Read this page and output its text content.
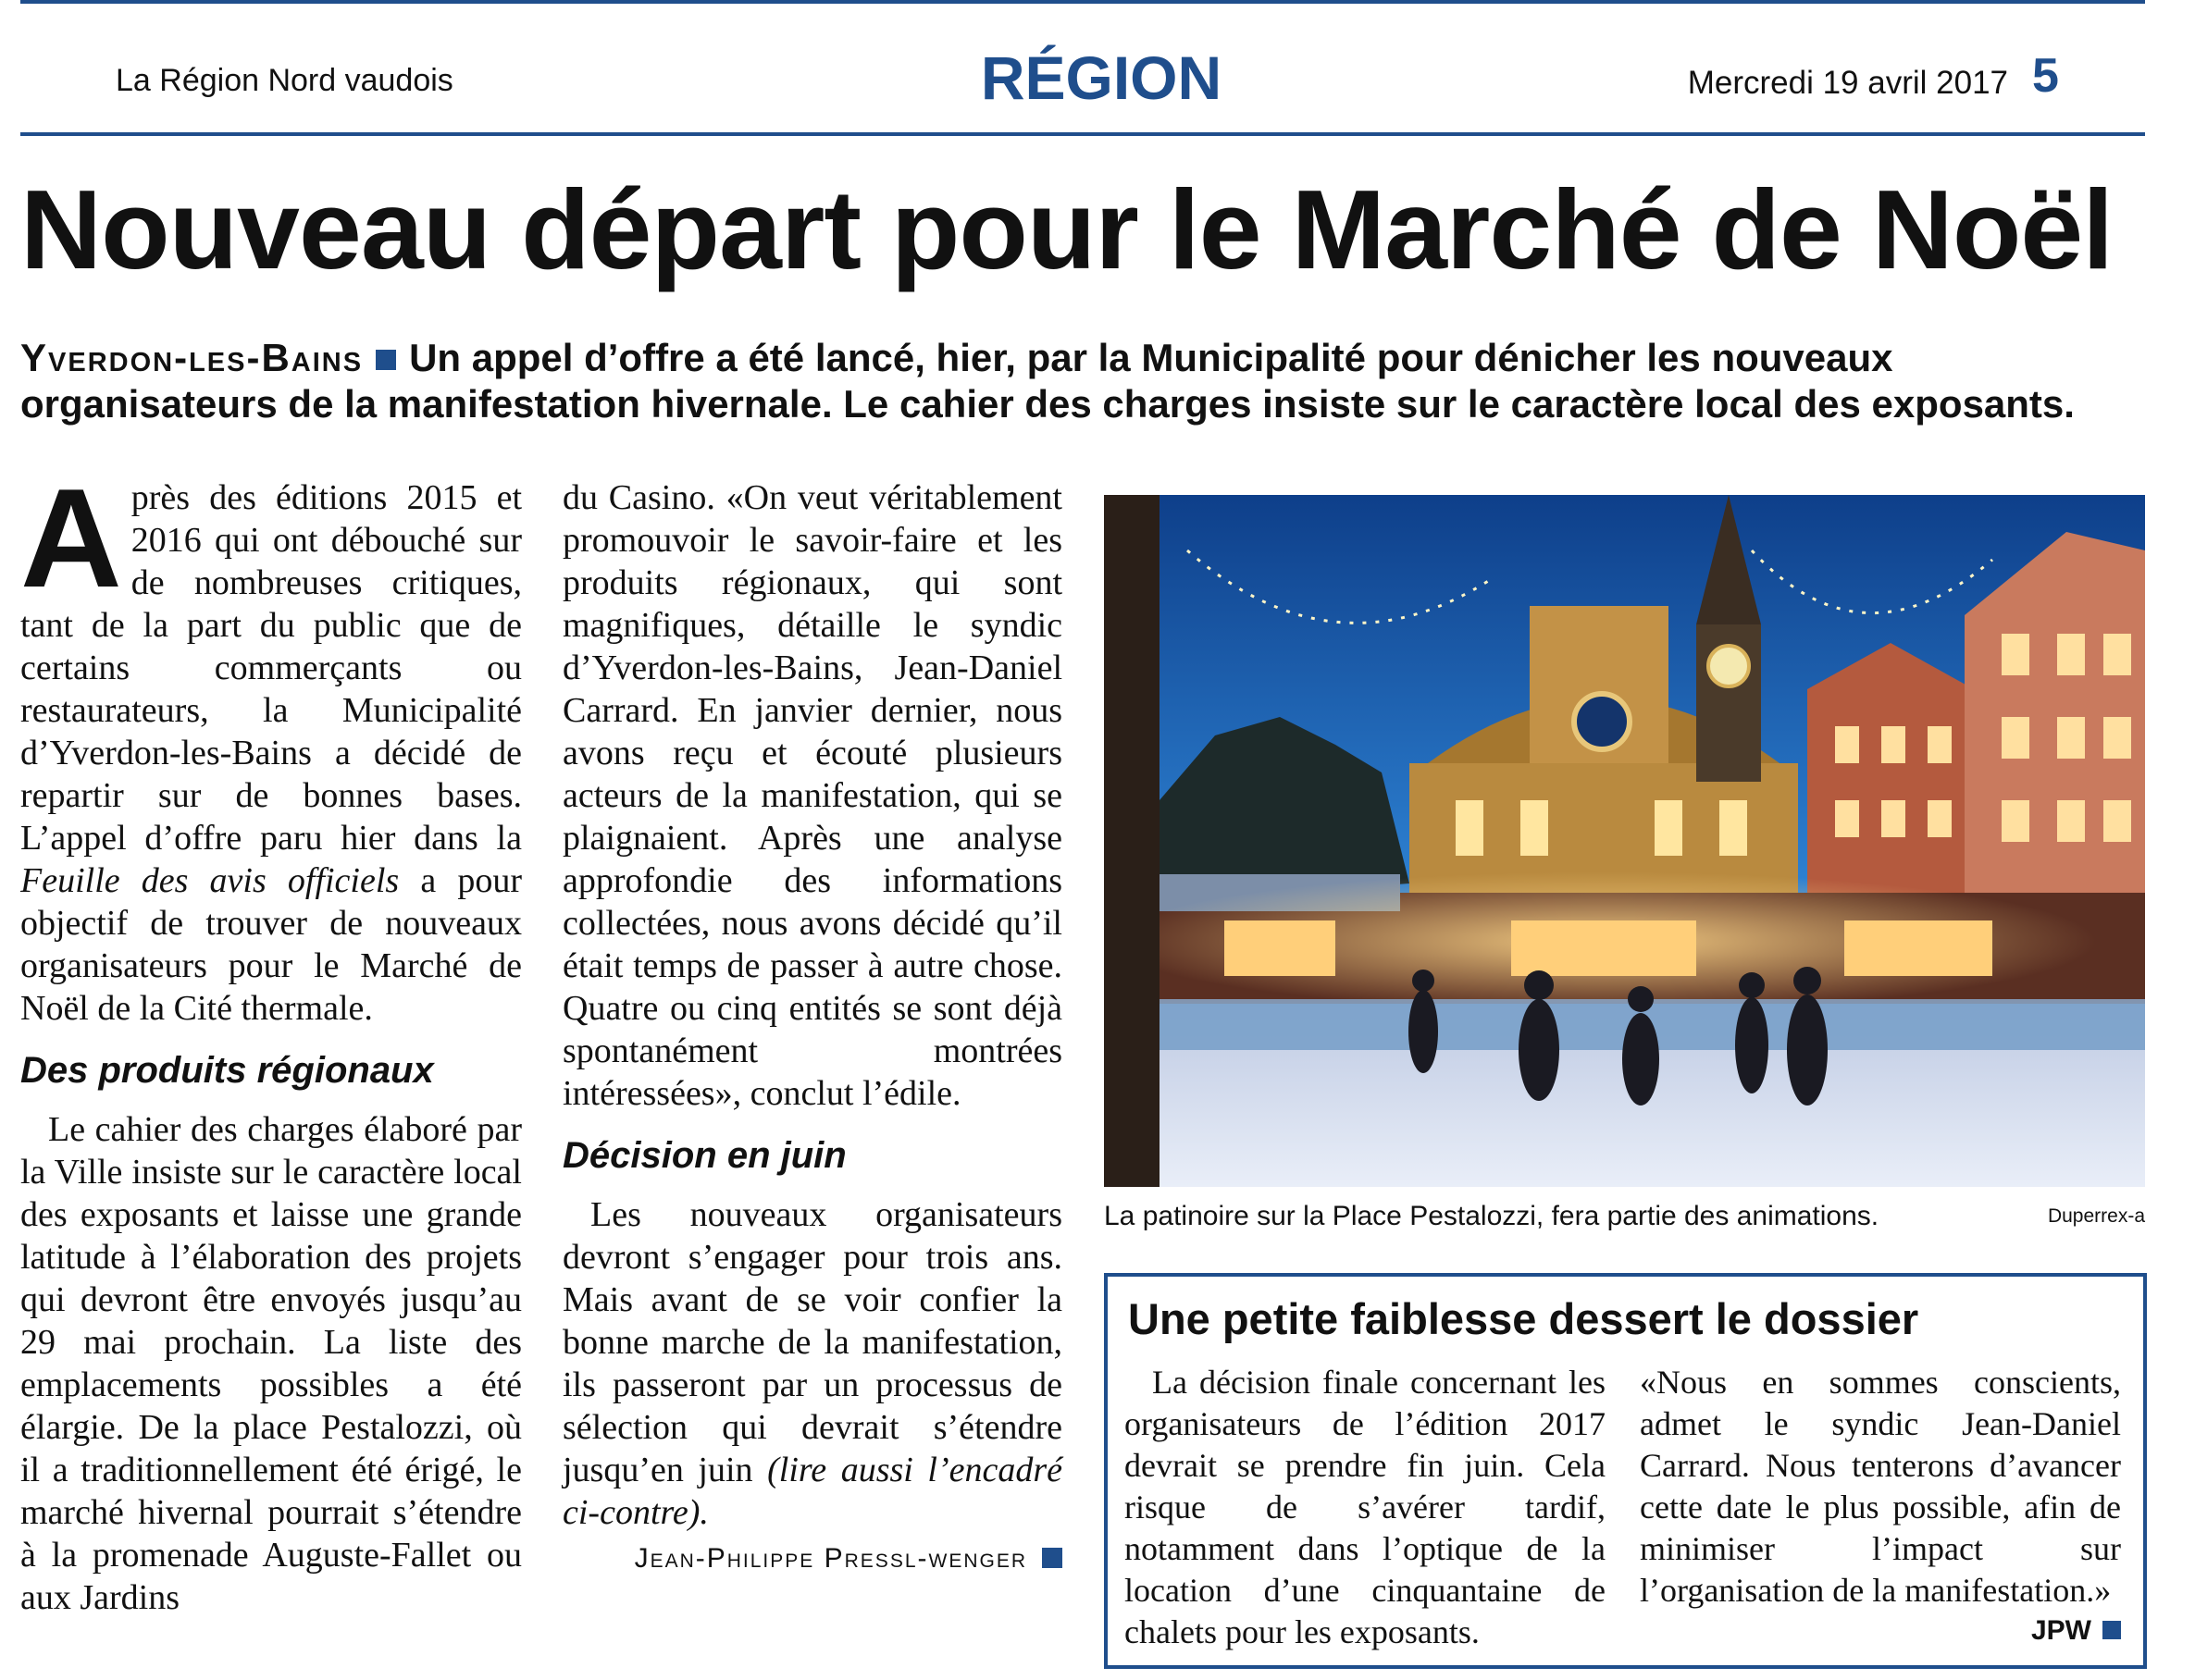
La Région Nord vaudois	RÉGION	Mercredi 19 avril 2017 5
Nouveau départ pour le Marché de Noël
Yverdon-les-Bains Un appel d’offre a été lancé, hier, par la Municipalité pour dénicher les nouveaux organisateurs de la manifestation hivernale. Le cahier des charges insiste sur le caractère local des exposants.

Après des éditions 2015 et 2016 qui ont débouché sur de nombreuses critiques, tant de la part du public que de certains commerçants ou restaurateurs, la Municipalité d’Yverdon-les-Bains a décidé de repartir sur de bonnes bases. L’appel d’offre paru hier dans la Feuille des avis officiels a pour objectif de trouver de nouveaux organisateurs pour le Marché de Noël de la Cité thermale.

Des produits régionaux

Le cahier des charges élaboré par la Ville insiste sur le caractère local des exposants et laisse une grande latitude à l’élaboration des projets qui devront être envoyés jusqu’au 29 mai prochain. La liste des emplacements possibles a été élargie. De la place Pestalozzi, où il a traditionnellement été érigé, le marché hivernal pourrait s’étendre à la promenade Auguste-Fallet ou aux Jardins

du Casino. «On veut véritablement promouvoir le savoir-faire et les produits régionaux, qui sont magnifiques, détaille le syndic d’Yverdon-les-Bains, Jean-Daniel Carrard. En janvier dernier, nous avons reçu et écouté plusieurs acteurs de la manifestation, qui se plaignaient. Après une analyse approfondie des informations collectées, nous avons décidé qu’il était temps de passer à autre chose. Quatre ou cinq entités se sont déjà spontanément montrées intéressées», conclut l’édile.

Décision en juin

Les nouveaux organisateurs devront s’engager pour trois ans. Mais avant de se voir confier la bonne marche de la manifestation, ils passeront par un processus de sélection qui devrait s’étendre jusqu’en juin (lire aussi l’encadré ci-contre).

Jean-Philippe Pressl-wenger

La patinoire sur la Place Pestalozzi, fera partie des animations.	Duperrex-a
Une petite faiblesse dessert le dossier

La décision finale concernant les organisateurs de l’édition 2017 devrait se prendre fin juin. Cela risque de s’avérer tardif, notamment dans l’optique de la location d’une cinquantaine de chalets pour les exposants.

«Nous en sommes conscients, admet le syndic Jean-Daniel Carrard. Nous tenterons d’avancer cette date le plus possible, afin de minimiser l’impact sur l’organisation de la manifestation.»

JPW
